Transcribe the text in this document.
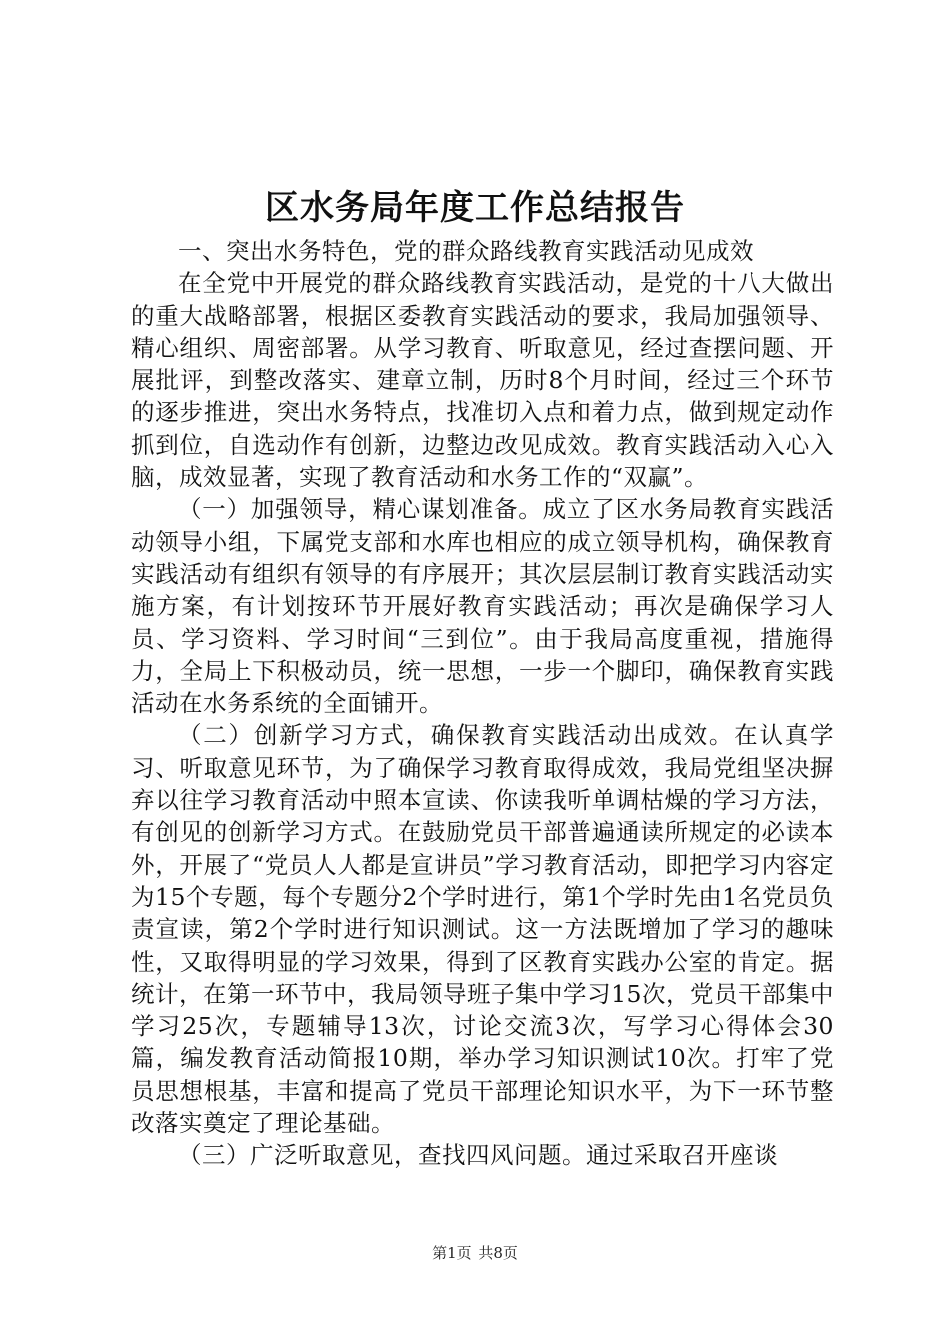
区水务局年度工作总结报告

一、突出水务特色，党的群众路线教育实践活动见成效

在全党中开展党的群众路线教育实践活动，是党的十八大做出的重大战略部署，根据区委教育实践活动的要求，我局加强领导、精心组织、周密部署。从学习教育、听取意见，经过查摆问题、开展批评，到整改落实、建章立制，历时8个月时间，经过三个环节的逐步推进，突出水务特点，找准切入点和着力点，做到规定动作抓到位，自选动作有创新，边整边改见成效。教育实践活动入心入脑，成效显著，实现了教育活动和水务工作的“双赢”。

（一）加强领导，精心谋划准备。成立了区水务局教育实践活动领导小组，下属党支部和水库也相应的成立领导机构，确保教育实践活动有组织有领导的有序展开；其次层层制订教育实践活动实施方案，有计划按环节开展好教育实践活动；再次是确保学习人员、学习资料、学习时间“三到位”。由于我局高度重视，措施得力，全局上下积极动员，统一思想，一步一个脚印，确保教育实践活动在水务系统的全面铺开。

（二）创新学习方式，确保教育实践活动出成效。在认真学习、听取意见环节，为了确保学习教育取得成效，我局党组坚决摒弃以往学习教育活动中照本宣读、你读我听单调枯燥的学习方法，有创见的创新学习方式。在鼓励党员干部普遍通读所规定的必读本外，开展了“党员人人都是宣讲员”学习教育活动，即把学习内容定为15个专题，每个专题分2个学时进行，第1个学时先由1名党员负责宣读，第2个学时进行知识测试。这一方法既增加了学习的趣味性，又取得明显的学习效果，得到了区教育实践办公室的肯定。据统计，在第一环节中，我局领导班子集中学习15次，党员干部集中学习25次，专题辅导13次，讨论交流3次，写学习心得体会30篇，编发教育活动简报10期，举办学习知识测试10次。打牢了党员思想根基，丰富和提高了党员干部理论知识水平，为下一环节整改落实奠定了理论基础。

（三）广泛听取意见，查找四风问题。通过采取召开座谈

第1页 共8页
